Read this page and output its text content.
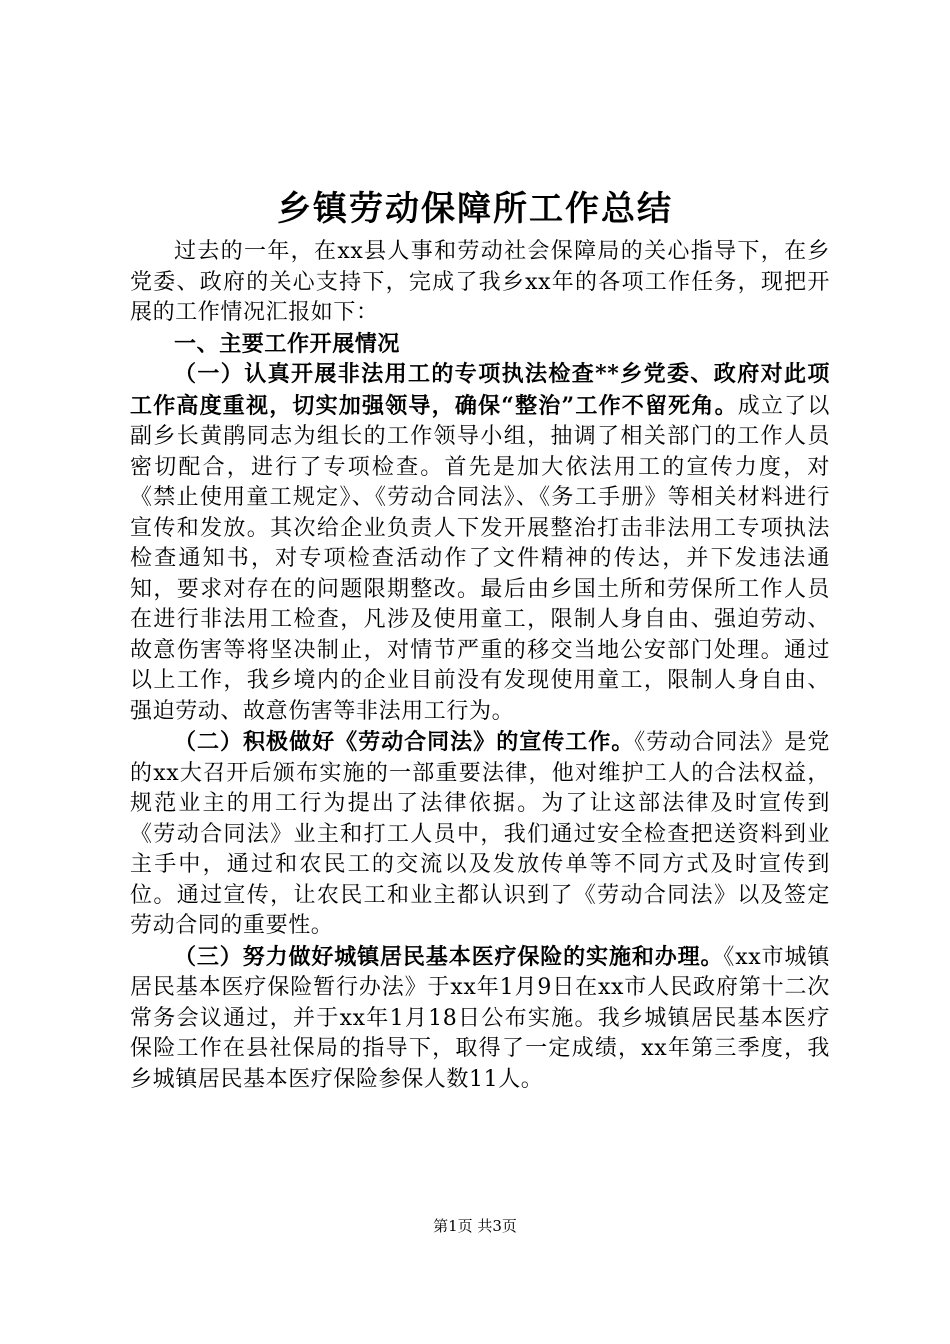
乡镇劳动保障所工作总结

过去的一年，在xx县人事和劳动社会保障局的关心指导下，在乡党委、政府的关心支持下，完成了我乡xx年的各项工作任务，现把开展的工作情况汇报如下：

一、主要工作开展情况

（一）认真开展非法用工的专项执法检查**乡党委、政府对此项工作高度重视，切实加强领导，确保“整治”工作不留死角。成立了以副乡长黄鹃同志为组长的工作领导小组，抽调了相关部门的工作人员密切配合，进行了专项检查。首先是加大依法用工的宣传力度，对《禁止使用童工规定》、《劳动合同法》、《务工手册》等相关材料进行宣传和发放。其次给企业负责人下发开展整治打击非法用工专项执法检查通知书，对专项检查活动作了文件精神的传达，并下发违法通知，要求对存在的问题限期整改。最后由乡国土所和劳保所工作人员在进行非法用工检查，凡涉及使用童工，限制人身自由、强迫劳动、故意伤害等将坚决制止，对情节严重的移交当地公安部门处理。通过以上工作，我乡境内的企业目前没有发现使用童工，限制人身自由、强迫劳动、故意伤害等非法用工行为。

（二）积极做好《劳动合同法》的宣传工作。《劳动合同法》是党的xx大召开后颁布实施的一部重要法律，他对维护工人的合法权益，规范业主的用工行为提出了法律依据。为了让这部法律及时宣传到《劳动合同法》业主和打工人员中，我们通过安全检查把送资料到业主手中，通过和农民工的交流以及发放传单等不同方式及时宣传到位。通过宣传，让农民工和业主都认识到了《劳动合同法》以及签定劳动合同的重要性。

（三）努力做好城镇居民基本医疗保险的实施和办理。《xx市城镇居民基本医疗保险暂行办法》于xx年1月9日在xx市人民政府第十二次常务会议通过，并于xx年1月18日公布实施。我乡城镇居民基本医疗保险工作在县社保局的指导下，取得了一定成绩，xx年第三季度，我乡城镇居民基本医疗保险参保人数11人。

第1页 共3页
